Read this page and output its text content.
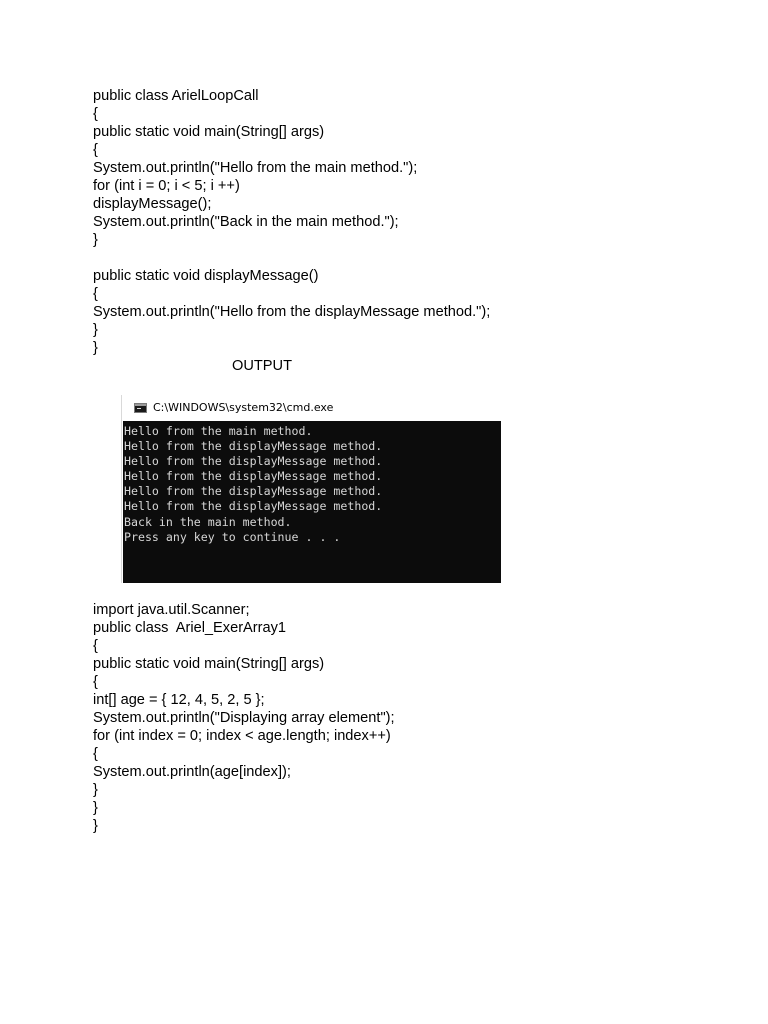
public class ArielLoopCall
{
public static void main(String[] args)
{
System.out.println("Hello from the main method.");
for (int i = 0; i < 5; i ++)
displayMessage();
System.out.println("Back in the main method.");
}
public static void displayMessage()
{
System.out.println("Hello from the displayMessage method.");
}
}
OUTPUT
C:\WINDOWS\system32\cmd.exe
Hello from the main method.
Hello from the displayMessage method.
Hello from the displayMessage method.
Hello from the displayMessage method.
Hello from the displayMessage method.
Hello from the displayMessage method.
Back in the main method.
Press any key to continue . . .
import java.util.Scanner;
public class  Ariel_ExerArray1
{
public static void main(String[] args)
{
int[] age = { 12, 4, 5, 2, 5 };
System.out.println("Displaying array element");
for (int index = 0; index < age.length; index++)
{
System.out.println(age[index]);
}
}
}
